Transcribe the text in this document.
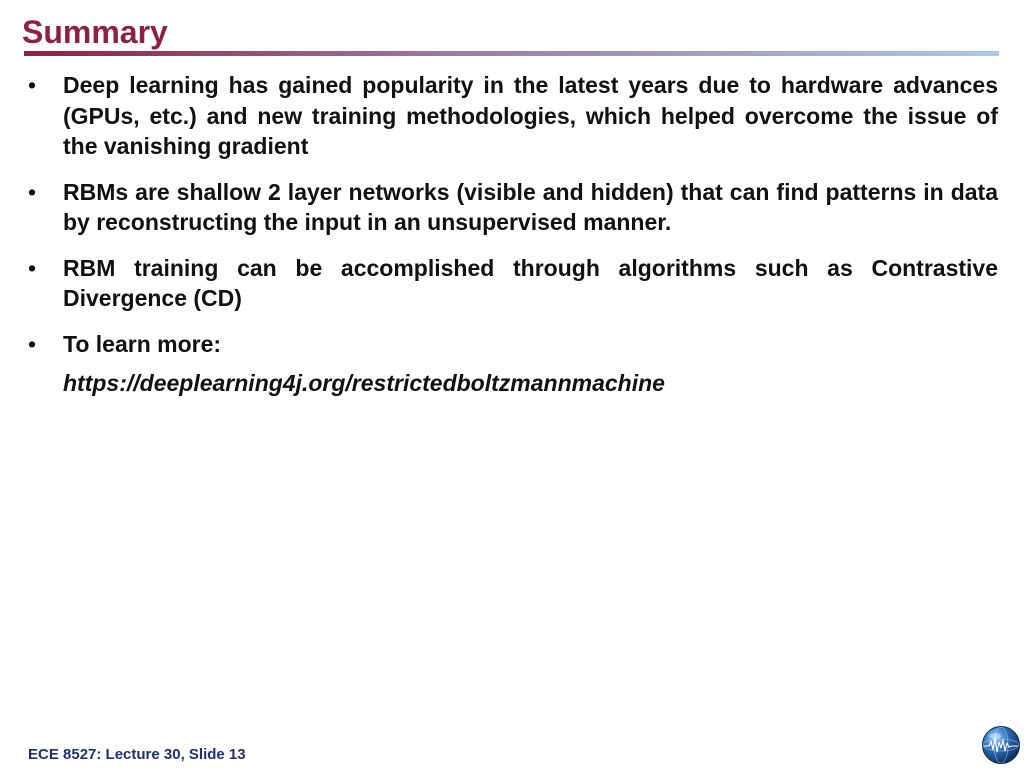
Summary
•	Deep learning has gained popularity in the latest years due to hardware advances (GPUs, etc.) and new training methodologies, which helped overcome the issue of the vanishing gradient
•	RBMs are shallow 2 layer networks (visible and hidden) that can find patterns in data by reconstructing the input in an unsupervised manner.
•	RBM training can be accomplished through algorithms such as Contrastive Divergence (CD)
•	To learn more:
https://deeplearning4j.org/restrictedboltzmannmachine
ECE 8527: Lecture 30, Slide 13
